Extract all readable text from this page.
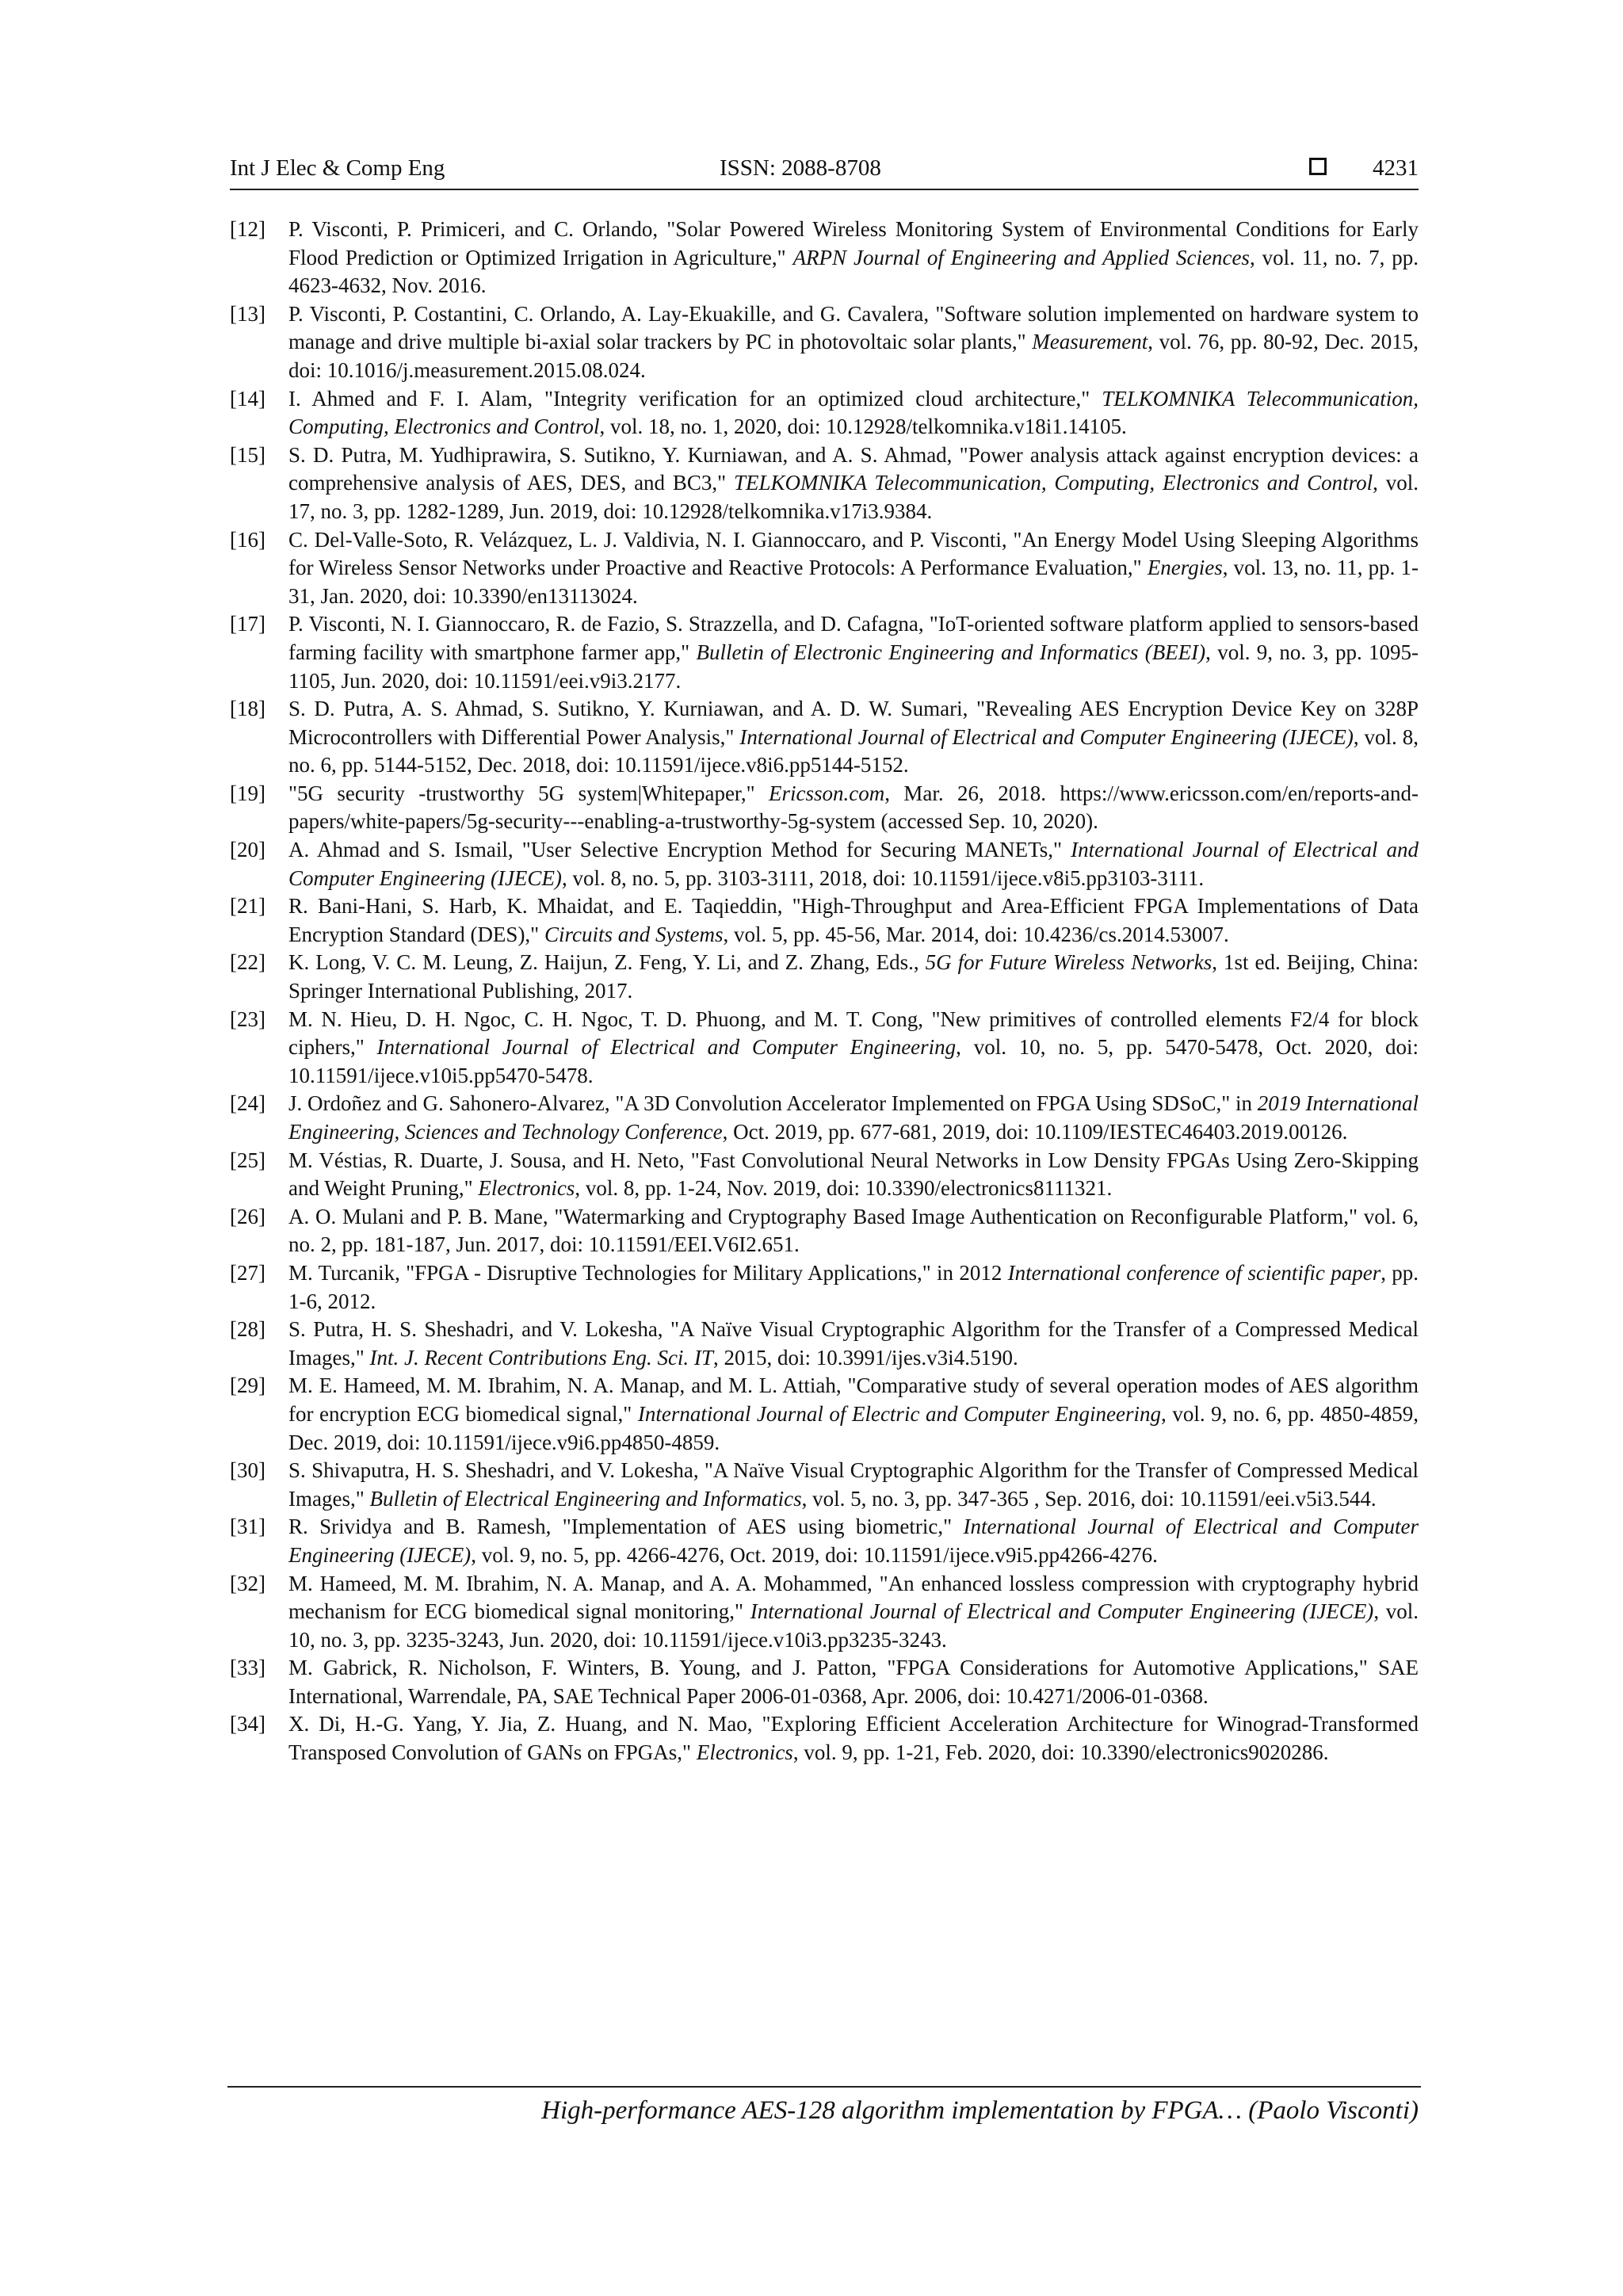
Int J Elec & Comp Eng	ISSN: 2088-8708	4231

[12] P. Visconti, P. Primiceri, and C. Orlando, "Solar Powered Wireless Monitoring System of Environmental Conditions for Early Flood Prediction or Optimized Irrigation in Agriculture," ARPN Journal of Engineering and Applied Sciences, vol. 11, no. 7, pp. 4623-4632, Nov. 2016.

[13] P. Visconti, P. Costantini, C. Orlando, A. Lay-Ekuakille, and G. Cavalera, "Software solution implemented on hardware system to manage and drive multiple bi-axial solar trackers by PC in photovoltaic solar plants," Measurement, vol. 76, pp. 80-92, Dec. 2015, doi: 10.1016/j.measurement.2015.08.024.

[14] I. Ahmed and F. I. Alam, "Integrity verification for an optimized cloud architecture," TELKOMNIKA Telecommunication, Computing, Electronics and Control, vol. 18, no. 1, 2020, doi: 10.12928/telkomnika.v18i1.14105.

[15] S. D. Putra, M. Yudhiprawira, S. Sutikno, Y. Kurniawan, and A. S. Ahmad, "Power analysis attack against encryption devices: a comprehensive analysis of AES, DES, and BC3," TELKOMNIKA Telecommunication, Computing, Electronics and Control, vol. 17, no. 3, pp. 1282-1289, Jun. 2019, doi: 10.12928/telkomnika.v17i3.9384.

[16] C. Del-Valle-Soto, R. Velázquez, L. J. Valdivia, N. I. Giannoccaro, and P. Visconti, "An Energy Model Using Sleeping Algorithms for Wireless Sensor Networks under Proactive and Reactive Protocols: A Performance Evaluation," Energies, vol. 13, no. 11, pp. 1-31, Jan. 2020, doi: 10.3390/en13113024.

[17] P. Visconti, N. I. Giannoccaro, R. de Fazio, S. Strazzella, and D. Cafagna, "IoT-oriented software platform applied to sensors-based farming facility with smartphone farmer app," Bulletin of Electronic Engineering and Informatics (BEEI), vol. 9, no. 3, pp. 1095-1105, Jun. 2020, doi: 10.11591/eei.v9i3.2177.

[18] S. D. Putra, A. S. Ahmad, S. Sutikno, Y. Kurniawan, and A. D. W. Sumari, "Revealing AES Encryption Device Key on 328P Microcontrollers with Differential Power Analysis," International Journal of Electrical and Computer Engineering (IJECE), vol. 8, no. 6, pp. 5144-5152, Dec. 2018, doi: 10.11591/ijece.v8i6.pp5144-5152.

[19] "5G security -trustworthy 5G system|Whitepaper," Ericsson.com, Mar. 26, 2018. https://www.ericsson.com/en/reports-and-papers/white-papers/5g-security---enabling-a-trustworthy-5g-system (accessed Sep. 10, 2020).

[20] A. Ahmad and S. Ismail, "User Selective Encryption Method for Securing MANETs," International Journal of Electrical and Computer Engineering (IJECE), vol. 8, no. 5, pp. 3103-3111, 2018, doi: 10.11591/ijece.v8i5.pp3103-3111.

[21] R. Bani-Hani, S. Harb, K. Mhaidat, and E. Taqieddin, "High-Throughput and Area-Efficient FPGA Implementations of Data Encryption Standard (DES)," Circuits and Systems, vol. 5, pp. 45-56, Mar. 2014, doi: 10.4236/cs.2014.53007.

[22] K. Long, V. C. M. Leung, Z. Haijun, Z. Feng, Y. Li, and Z. Zhang, Eds., 5G for Future Wireless Networks, 1st ed. Beijing, China: Springer International Publishing, 2017.

[23] M. N. Hieu, D. H. Ngoc, C. H. Ngoc, T. D. Phuong, and M. T. Cong, "New primitives of controlled elements F2/4 for block ciphers," International Journal of Electrical and Computer Engineering, vol. 10, no. 5, pp. 5470-5478, Oct. 2020, doi: 10.11591/ijece.v10i5.pp5470-5478.

[24] J. Ordoñez and G. Sahonero-Alvarez, "A 3D Convolution Accelerator Implemented on FPGA Using SDSoC," in 2019 International Engineering, Sciences and Technology Conference, Oct. 2019, pp. 677-681, 2019, doi: 10.1109/IESTEC46403.2019.00126.

[25] M. Véstias, R. Duarte, J. Sousa, and H. Neto, "Fast Convolutional Neural Networks in Low Density FPGAs Using Zero-Skipping and Weight Pruning," Electronics, vol. 8, pp. 1-24, Nov. 2019, doi: 10.3390/electronics8111321.

[26] A. O. Mulani and P. B. Mane, "Watermarking and Cryptography Based Image Authentication on Reconfigurable Platform," vol. 6, no. 2, pp. 181-187, Jun. 2017, doi: 10.11591/EEI.V6I2.651.

[27] M. Turcanik, "FPGA - Disruptive Technologies for Military Applications," in 2012 International conference of scientific paper, pp. 1-6, 2012.

[28] S. Putra, H. S. Sheshadri, and V. Lokesha, "A Naïve Visual Cryptographic Algorithm for the Transfer of a Compressed Medical Images," Int. J. Recent Contributions Eng. Sci. IT, 2015, doi: 10.3991/ijes.v3i4.5190.

[29] M. E. Hameed, M. M. Ibrahim, N. A. Manap, and M. L. Attiah, "Comparative study of several operation modes of AES algorithm for encryption ECG biomedical signal," International Journal of Electric and Computer Engineering, vol. 9, no. 6, pp. 4850-4859, Dec. 2019, doi: 10.11591/ijece.v9i6.pp4850-4859.

[30] S. Shivaputra, H. S. Sheshadri, and V. Lokesha, "A Naïve Visual Cryptographic Algorithm for the Transfer of Compressed Medical Images," Bulletin of Electrical Engineering and Informatics, vol. 5, no. 3, pp. 347-365 , Sep. 2016, doi: 10.11591/eei.v5i3.544.

[31] R. Srividya and B. Ramesh, "Implementation of AES using biometric," International Journal of Electrical and Computer Engineering (IJECE), vol. 9, no. 5, pp. 4266-4276, Oct. 2019, doi: 10.11591/ijece.v9i5.pp4266-4276.

[32] M. Hameed, M. M. Ibrahim, N. A. Manap, and A. A. Mohammed, "An enhanced lossless compression with cryptography hybrid mechanism for ECG biomedical signal monitoring," International Journal of Electrical and Computer Engineering (IJECE), vol. 10, no. 3, pp. 3235-3243, Jun. 2020, doi: 10.11591/ijece.v10i3.pp3235-3243.

[33] M. Gabrick, R. Nicholson, F. Winters, B. Young, and J. Patton, "FPGA Considerations for Automotive Applications," SAE International, Warrendale, PA, SAE Technical Paper 2006-01-0368, Apr. 2006, doi: 10.4271/2006-01-0368.

[34] X. Di, H.-G. Yang, Y. Jia, Z. Huang, and N. Mao, "Exploring Efficient Acceleration Architecture for Winograd-Transformed Transposed Convolution of GANs on FPGAs," Electronics, vol. 9, pp. 1-21, Feb. 2020, doi: 10.3390/electronics9020286.

High-performance AES-128 algorithm implementation by FPGA… (Paolo Visconti)
